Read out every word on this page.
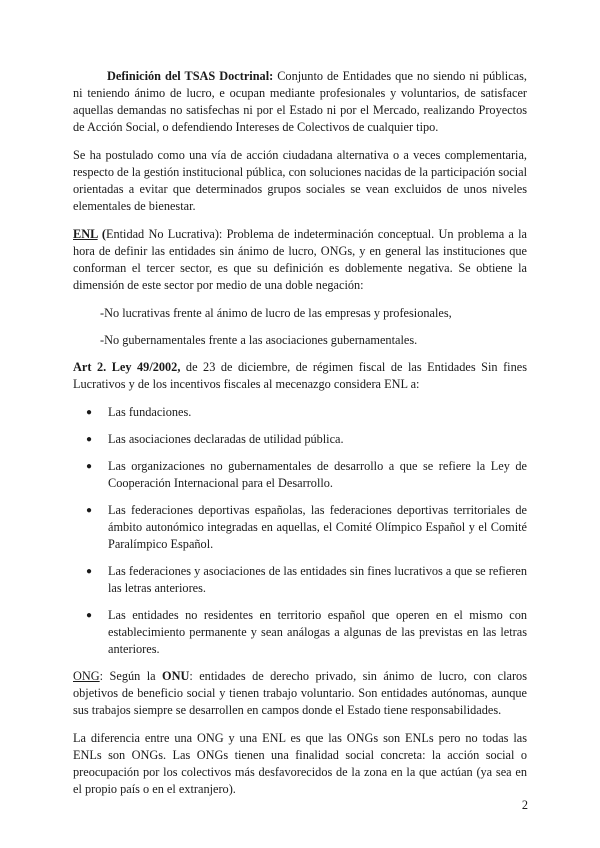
Definición del TSAS Doctrinal: Conjunto de Entidades que no siendo ni públicas, ni teniendo ánimo de lucro, e ocupan mediante profesionales y voluntarios, de satisfacer aquellas demandas no satisfechas ni por el Estado ni por el Mercado, realizando Proyectos de Acción Social, o defendiendo Intereses de Colectivos de cualquier tipo.

Se ha postulado como una vía de acción ciudadana alternativa o a veces complementaria, respecto de la gestión institucional pública, con soluciones nacidas de la participación social orientadas a evitar que determinados grupos sociales se vean excluidos de unos niveles elementales de bienestar.

ENL (Entidad No Lucrativa): Problema de indeterminación conceptual. Un problema a la hora de definir las entidades sin ánimo de lucro, ONGs, y en general las instituciones que conforman el tercer sector, es que su definición es doblemente negativa. Se obtiene la dimensión de este sector por medio de una doble negación:

-No lucrativas frente al ánimo de lucro de las empresas y profesionales,

-No gubernamentales frente a las asociaciones gubernamentales.

Art 2. Ley 49/2002, de 23 de diciembre, de régimen fiscal de las Entidades Sin fines Lucrativos y de los incentivos fiscales al mecenazgo considera ENL a:

● Las fundaciones.
● Las asociaciones declaradas de utilidad pública.
● Las organizaciones no gubernamentales de desarrollo a que se refiere la Ley de Cooperación Internacional para el Desarrollo.
● Las federaciones deportivas españolas, las federaciones deportivas territoriales de ámbito autonómico integradas en aquellas, el Comité Olímpico Español y el Comité Paralímpico Español.
● Las federaciones y asociaciones de las entidades sin fines lucrativos a que se refieren las letras anteriores.
● Las entidades no residentes en territorio español que operen en el mismo con establecimiento permanente y sean análogas a algunas de las previstas en las letras anteriores.

ONG: Según la ONU: entidades de derecho privado, sin ánimo de lucro, con claros objetivos de beneficio social y tienen trabajo voluntario. Son entidades autónomas, aunque sus trabajos siempre se desarrollen en campos donde el Estado tiene responsabilidades.

La diferencia entre una ONG y una ENL es que las ONGs son ENLs pero no todas las ENLs son ONGs. Las ONGs tienen una finalidad social concreta: la acción social o preocupación por los colectivos más desfavorecidos de la zona en la que actúan (ya sea en el propio país o en el extranjero).

2
